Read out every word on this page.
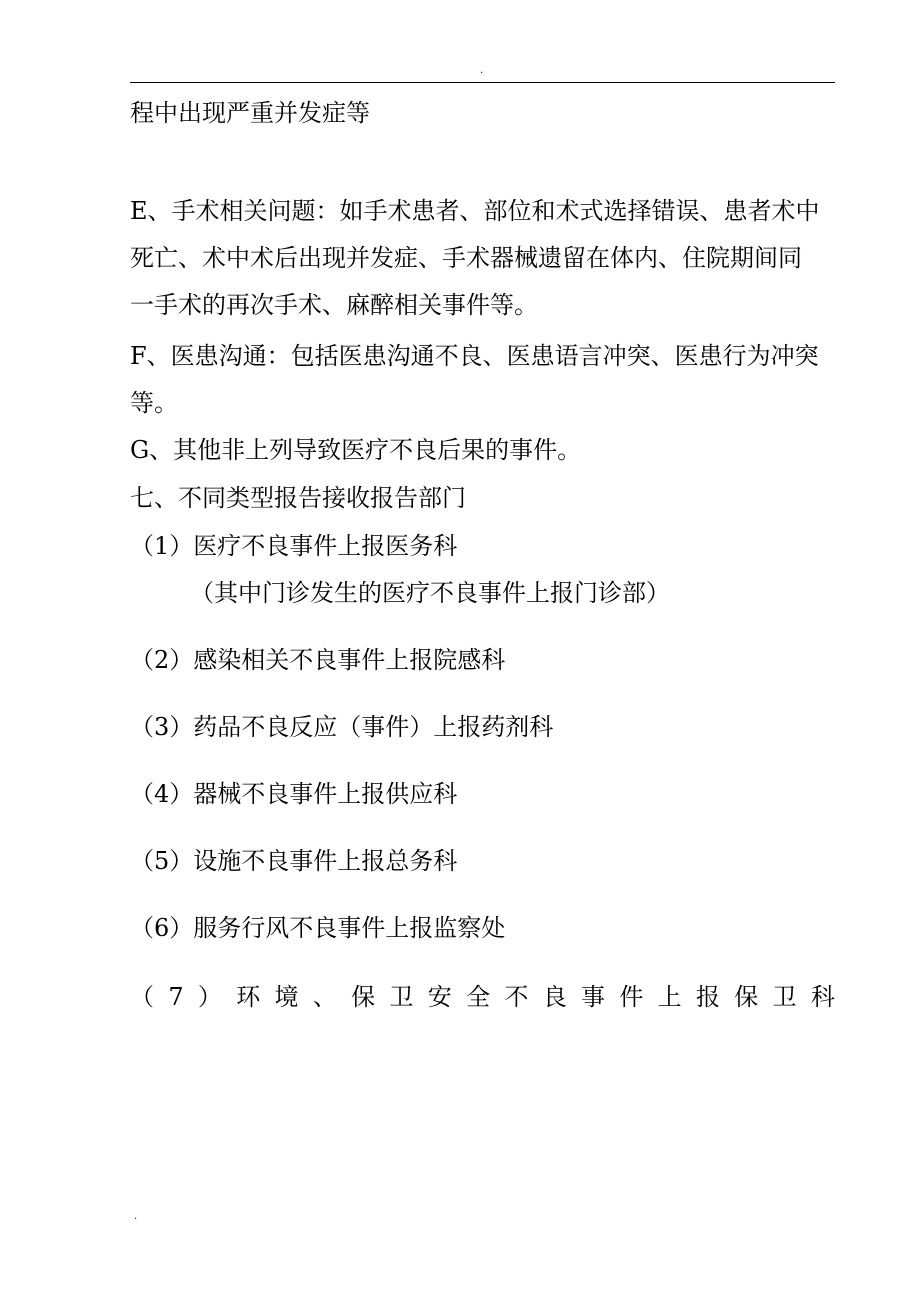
.
程中出现严重并发症等
E、手术相关问题：如手术患者、部位和术式选择错误、患者术中
死亡、术中术后出现并发症、手术器械遗留在体内、住院期间同
一手术的再次手术、麻醉相关事件等。
F、医患沟通：包括医患沟通不良、医患语言冲突、医患行为冲突
等。
G、其他非上列导致医疗不良后果的事件。
七、不同类型报告接收报告部门
（1）医疗不良事件上报医务科
（其中门诊发生的医疗不良事件上报门诊部）
（2）感染相关不良事件上报院感科
（3）药品不良反应（事件）上报药剂科
（4）器械不良事件上报供应科
（5）设施不良事件上报总务科
（6）服务行风不良事件上报监察处
（ 7 ） 环 境 、 保 卫 安 全 不 良 事 件 上 报 保 卫 科
.
